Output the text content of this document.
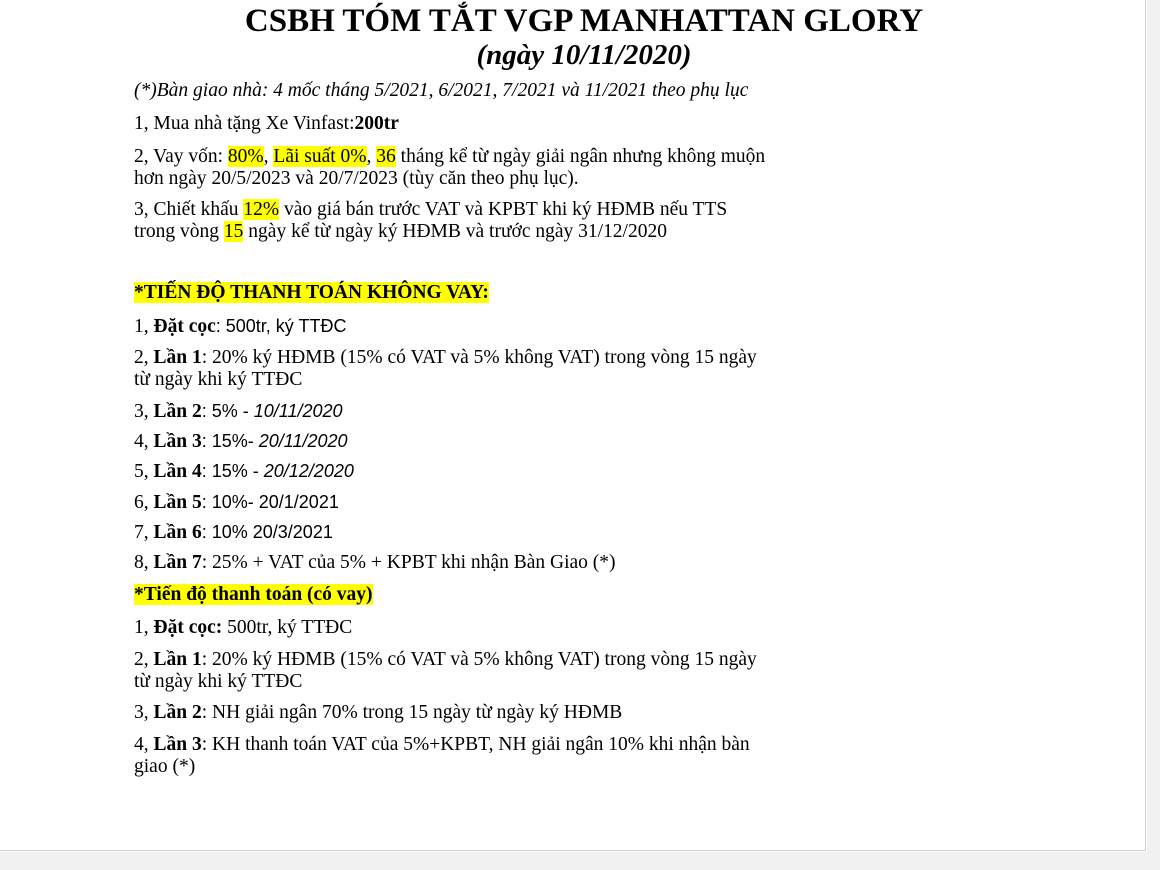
CSBH TÓM TẮT VGP MANHATTAN GLORY
(ngày 10/11/2020)
(*)Bàn giao nhà: 4 mốc tháng 5/2021, 6/2021, 7/2021 và 11/2021 theo phụ lục
1, Mua nhà tặng Xe Vinfast:200tr
2, Vay vốn: 80%, Lãi suất 0%, 36 tháng kể từ ngày giải ngân nhưng không muộn
hơn ngày 20/5/2023 và 20/7/2023 (tùy căn theo phụ lục).
3, Chiết khấu 12% vào giá bán trước VAT và KPBT khi ký HĐMB nếu TTS
trong vòng 15 ngày kể từ ngày ký HĐMB và trước ngày 31/12/2020
*TIẾN ĐỘ THANH TOÁN KHÔNG VAY:
1, Đặt cọc: 500tr, ký TTĐC
2, Lần 1: 20% ký HĐMB (15% có VAT và 5% không VAT) trong vòng 15 ngày
từ ngày khi ký TTĐC
3, Lần 2: 5% - 10/11/2020
4, Lần 3: 15%- 20/11/2020
5, Lần 4: 15% - 20/12/2020
6, Lần 5: 10%- 20/1/2021
7, Lần 6: 10% 20/3/2021
8, Lần 7: 25% + VAT của 5% + KPBT khi nhận Bàn Giao (*)
*Tiến độ thanh toán (có vay)
1, Đặt cọc: 500tr, ký TTĐC
2, Lần 1: 20% ký HĐMB (15% có VAT và 5% không VAT) trong vòng 15 ngày
từ ngày khi ký TTĐC
3, Lần 2: NH giải ngân 70% trong 15 ngày từ ngày ký HĐMB
4, Lần 3: KH thanh toán VAT của 5%+KPBT, NH giải ngân 10% khi nhận bàn
giao (*)
